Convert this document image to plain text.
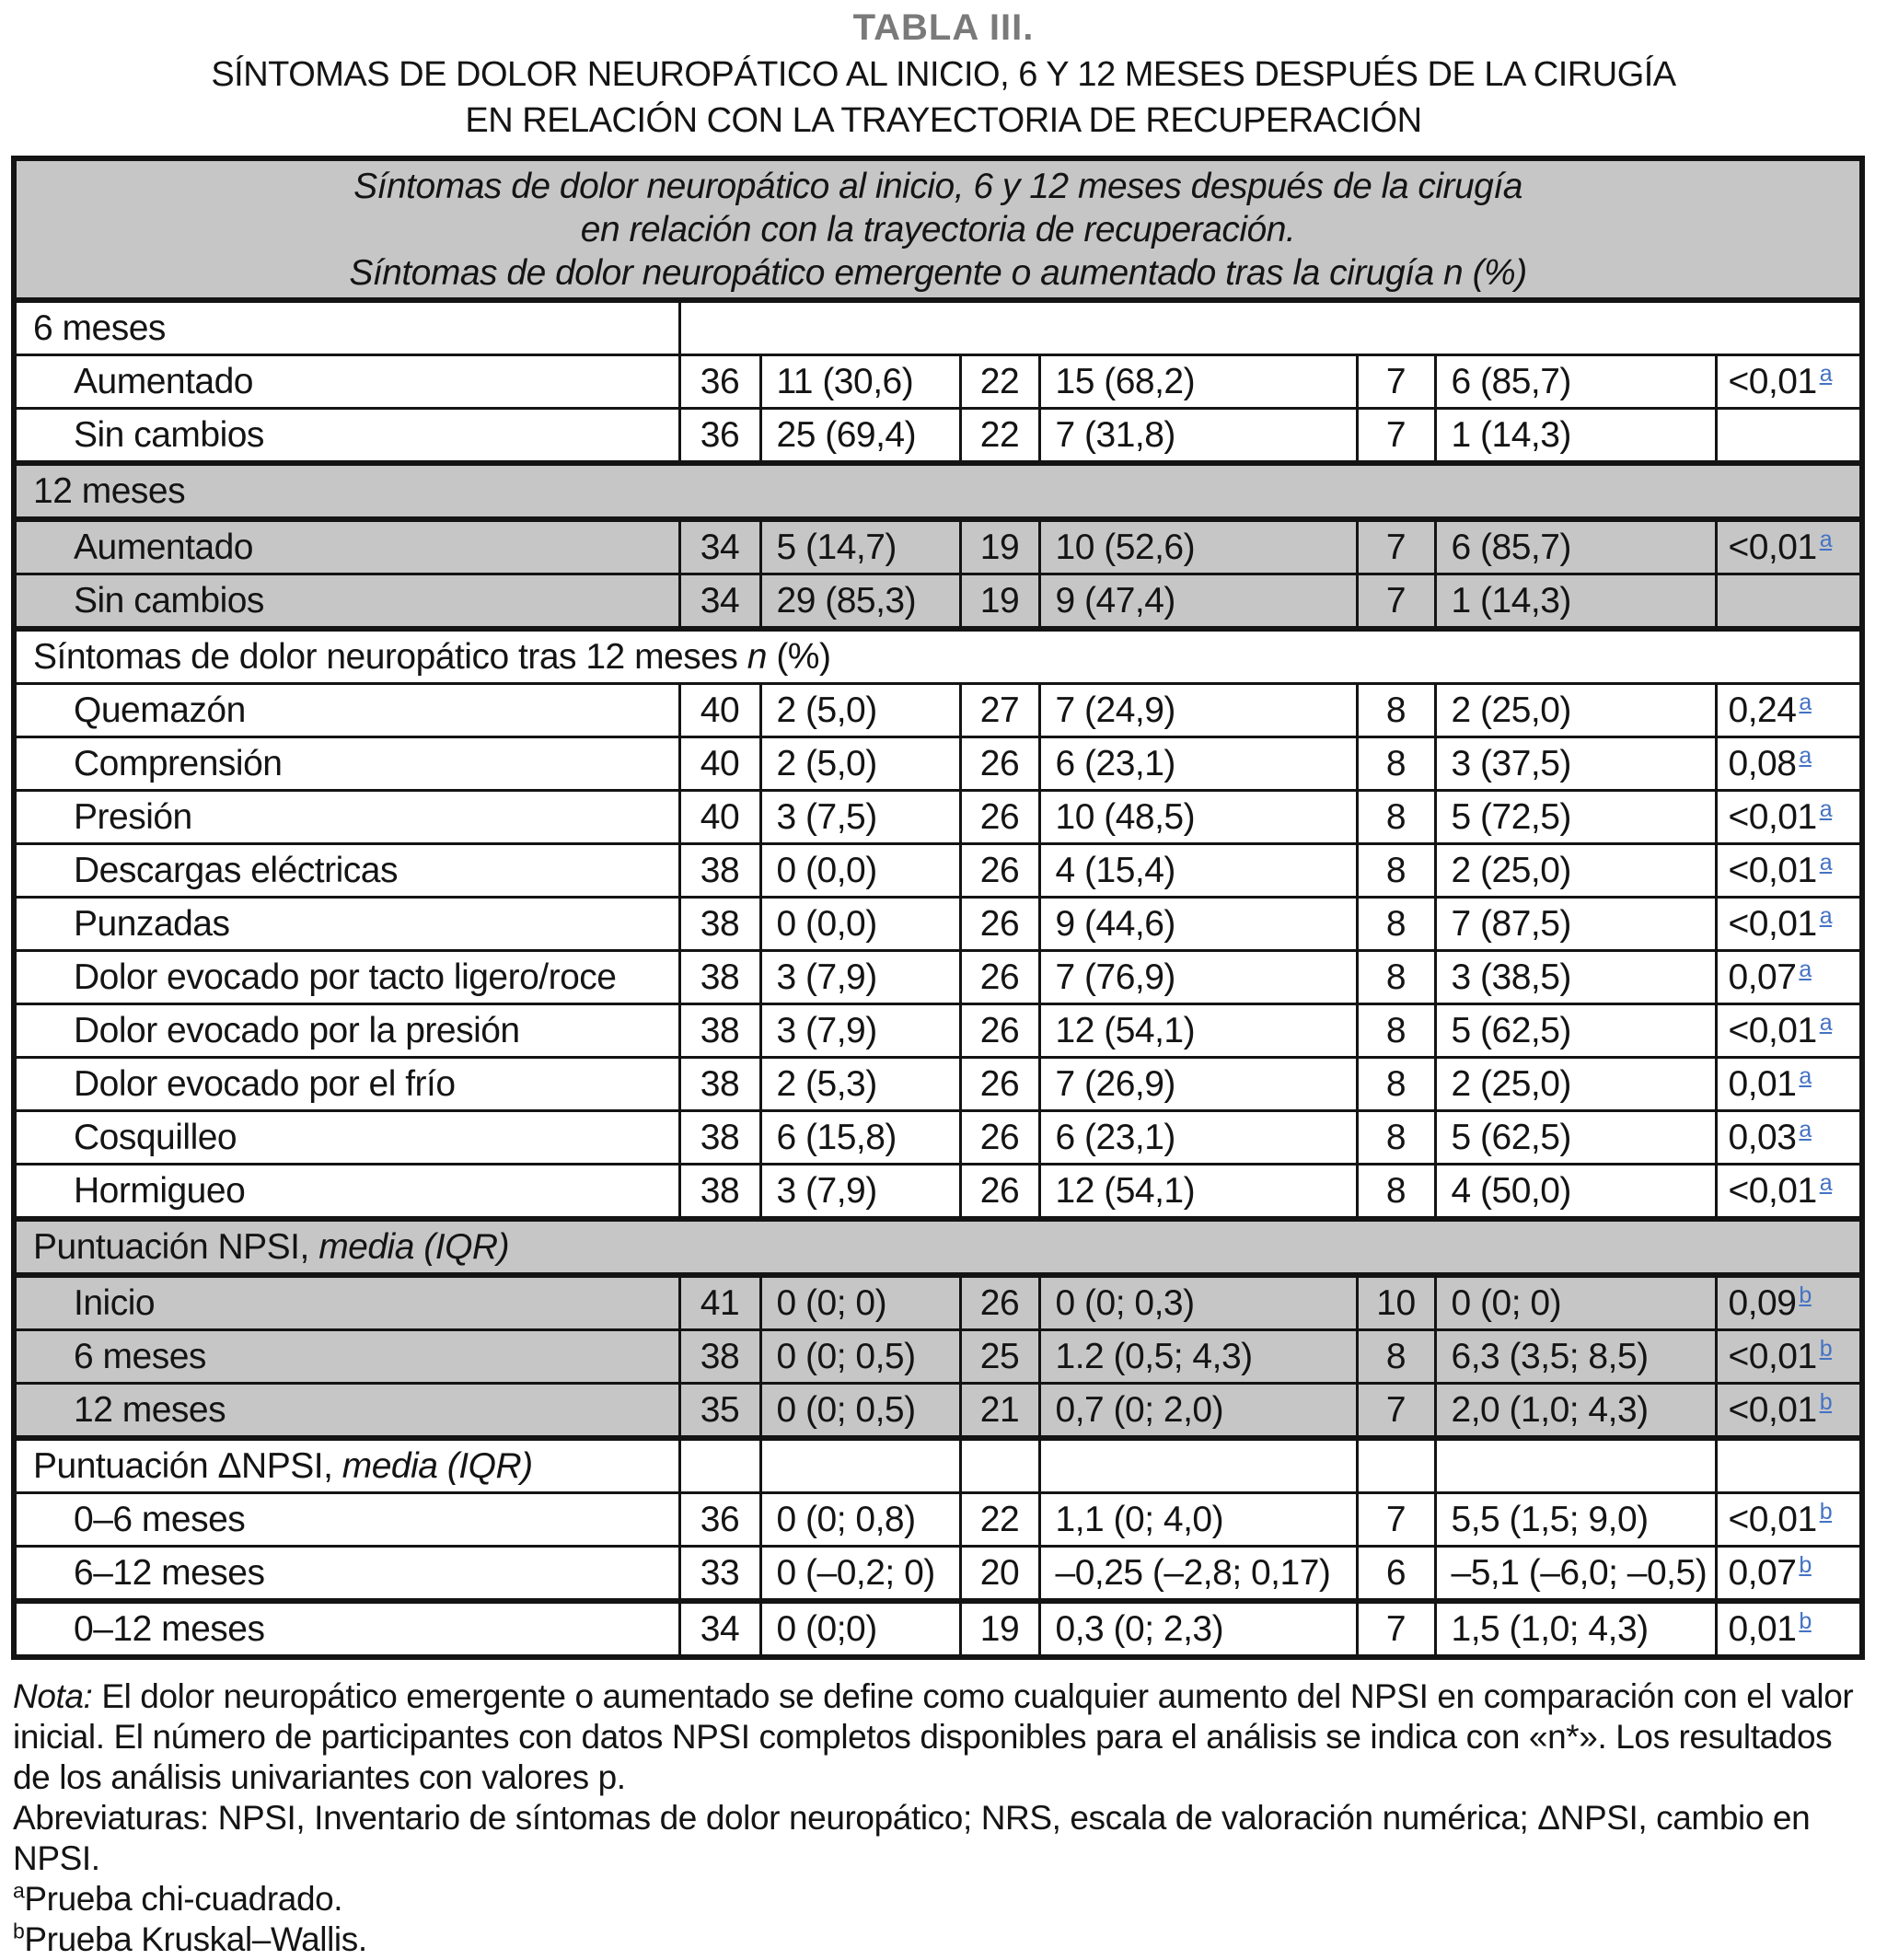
TABLA III.
SÍNTOMAS DE DOLOR NEUROPÁTICO AL INICIO, 6 Y 12 MESES DESPUÉS DE LA CIRUGÍA
EN RELACIÓN CON LA TRAYECTORIA DE RECUPERACIÓN
Síntomas de dolor neuropático al inicio, 6 y 12 meses después de la cirugía
en relación con la trayectoria de recuperación.
Síntomas de dolor neuropático emergente o aumentado tras la cirugía n (%)							

6 meses							
Aumentado	36	11 (30,6)	22	15 (68,2)	7	6 (85,7)	<0,01 $^a$
Sin cambios	36	25 (69,4)	22	7 (31,8)	7	1 (14,3)	
12 meses							
Aumentado	34	5 (14,7)	19	10 (52,6)	7	6 (85,7)	<0,01 $^a$
Sin cambios	34	29 (85,3)	19	9 (47,4)	7	1 (14,3)	
Síntomas de dolor neuropático tras 12 meses n (%)							
Quemazón	40	2 (5,0)	27	7 (24,9)	8	2 (25,0)	0,24 $^a$
Comprensión	40	2 (5,0)	26	6 (23,1)	8	3 (37,5)	0,08 $^a$
Presión	40	3 (7,5)	26	10 (48,5)	8	5 (72,5)	<0,01 $^a$
Descargas eléctricas	38	0 (0,0)	26	4 (15,4)	8	2 (25,0)	<0,01 $^a$
Punzadas	38	0 (0,0)	26	9 (44,6)	8	7 (87,5)	<0,01 $^a$
Dolor evocado por tacto ligero/roce	38	3 (7,9)	26	7 (76,9)	8	3 (38,5)	0,07 $^a$
Dolor evocado por la presión	38	3 (7,9)	26	12 (54,1)	8	5 (62,5)	<0,01 $^a$
Dolor evocado por el frío	38	2 (5,3)	26	7 (26,9)	8	2 (25,0)	0,01 $^a$
Cosquilleo	38	6 (15,8)	26	6 (23,1)	8	5 (62,5)	0,03 $^a$
Hormigueo	38	3 (7,9)	26	12 (54,1)	8	4 (50,0)	<0,01 $^a$
Puntuación NPSI, media (IQR)							
Inicio	41	0 (0; 0)	26	0 (0; 0,3)	10	0 (0; 0)	0,09 $^b$
6 meses	38	0 (0; 0,5)	25	1.2 (0,5; 4,3)	8	6,3 (3,5; 8,5)	<0,01 $^b$
12 meses	35	0 (0; 0,5)	21	0,7 (0; 2,0)	7	2,0 (1,0; 4,3)	<0,01 $^b$
Puntuación ΔNPSI, media (IQR)							
0–6 meses	36	0 (0; 0,8)	22	1,1 (0; 4,0)	7	5,5 (1,5; 9,0)	<0,01 $^b$
6–12 meses	33	0 (–0,2; 0)	20	–0,25 (–2,8; 0,17)	6	–5,1 (–6,0; –0,5)	0,07 $^b$
0–12 meses	34	0 (0;0)	19	0,3 (0; 2,3)	7	1,5 (1,0; 4,3)	0,01 $^b$
Nota: El dolor neuropático emergente o aumentado se define como cualquier aumento del NPSI en comparación con el valor
inicial. El número de participantes con datos NPSI completos disponibles para el análisis se indica con «n*». Los resultados
de los análisis univariantes con valores p.
Abreviaturas: NPSI, Inventario de síntomas de dolor neuropático; NRS, escala de valoración numérica; ΔNPSI, cambio en NPSI.
$^a$Prueba chi-cuadrado.
$^b$Prueba Kruskal–Wallis.
